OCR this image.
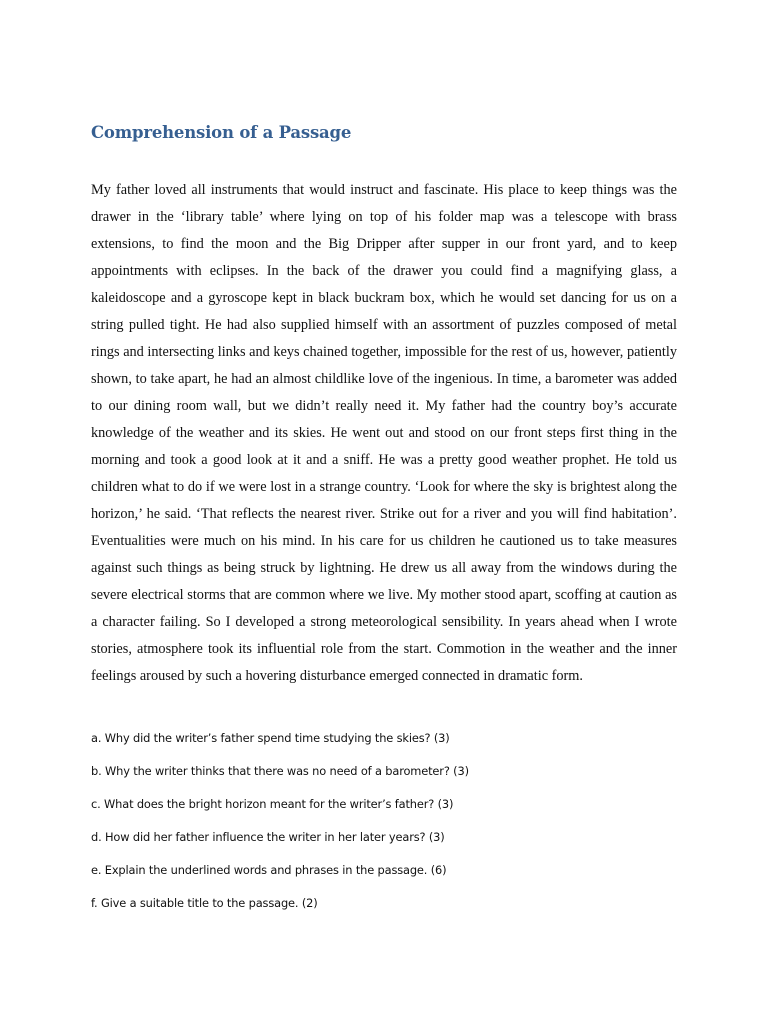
Comprehension of a Passage

My father loved all instruments that would instruct and fascinate. His place to keep things was the drawer in the ‘library table’ where lying on top of his folder map was a telescope with brass extensions, to find the moon and the Big Dripper after supper in our front yard, and to keep appointments with eclipses. In the back of the drawer you could find a magnifying glass, a kaleidoscope and a gyroscope kept in black buckram box, which he would set dancing for us on a string pulled tight. He had also supplied himself with an assortment of puzzles composed of metal rings and intersecting links and keys chained together, impossible for the rest of us, however, patiently shown, to take apart, he had an almost childlike love of the ingenious. In time, a barometer was added to our dining room wall, but we didn’t really need it. My father had the country boy’s accurate knowledge of the weather and its skies. He went out and stood on our front steps first thing in the morning and took a good look at it and a sniff. He was a pretty good weather prophet. He told us children what to do if we were lost in a strange country. ‘Look for where the sky is brightest along the horizon,’ he said. ‘That reflects the nearest river. Strike out for a river and you will find habitation’. Eventualities were much on his mind. In his care for us children he cautioned us to take measures against such things as being struck by lightning. He drew us all away from the windows during the severe electrical storms that are common where we live. My mother stood apart, scoffing at caution as a character failing. So I developed a strong meteorological sensibility. In years ahead when I wrote stories, atmosphere took its influential role from the start. Commotion in the weather and the inner feelings aroused by such a hovering disturbance emerged connected in dramatic form.

a. Why did the writer’s father spend time studying the skies? (3)
b. Why the writer thinks that there was no need of a barometer? (3)
c. What does the bright horizon meant for the writer’s father? (3)
d. How did her father influence the writer in her later years? (3)
e. Explain the underlined words and phrases in the passage. (6)
f. Give a suitable title to the passage. (2)
